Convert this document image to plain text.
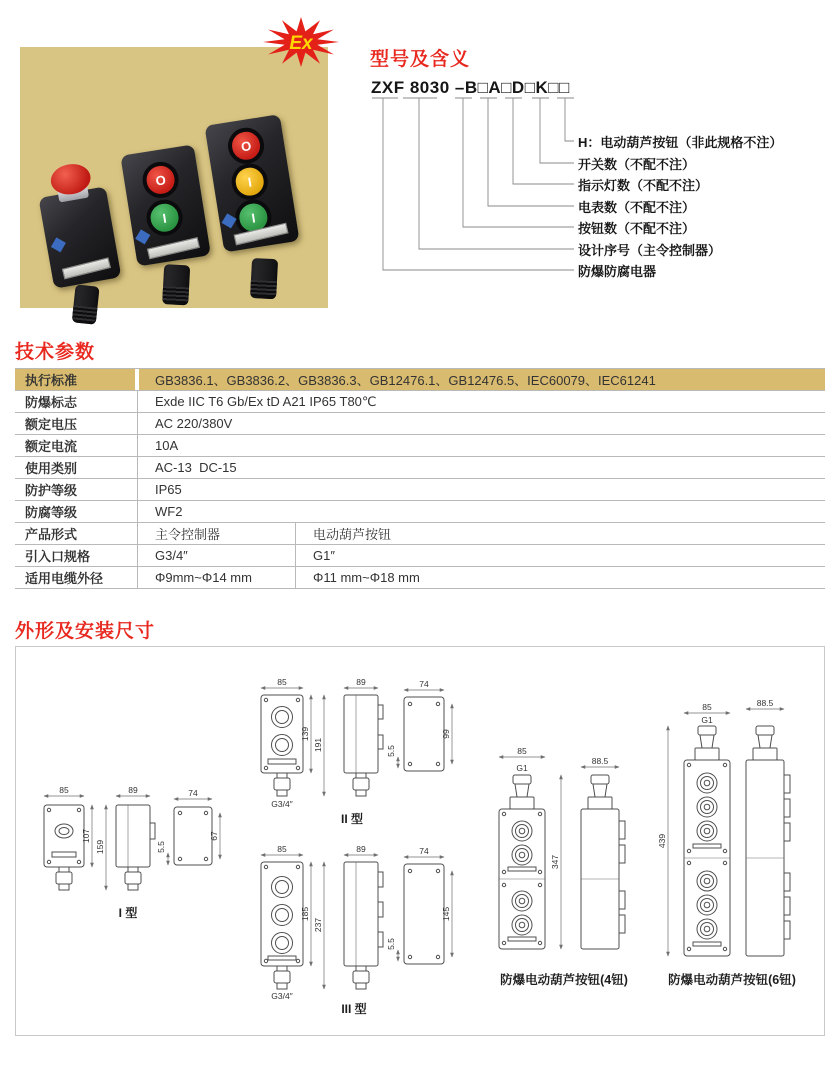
O
I
O
I
I
Ex
型号及含义
ZXF 8030 –B□A□D□K□□
H：电动葫芦按钮（非此规格不注）
开关数（不配不注）
指示灯数（不配不注）
电表数（不配不注）
按钮数（不配不注）
设计序号（主令控制器）
防爆防腐电器
技术参数
执行标准	GB3836.1、GB3836.2、GB3836.3、GB12476.1、GB12476.5、IEC60079、IEC61241
防爆标志	Exde IIC T6 Gb/Ex tD A21 IP65 T80℃
额定电压	AC 220/380V
额定电流	10A
使用类别	AC-13  DC-15
防护等级	IP65
防腐等级	WF2
产品形式	主令控制器	电动葫芦按钮
引入口规格	G3/4″	G1″
适用电缆外径	Φ9mm~Φ14 mm	Φ11 mm~Φ18 mm
外形及安装尺寸
85
107
159
89	74
67
5.5
I 型
G3/4″
85
139
191
89	74
99
5.5
II 型
G3/4″
85
185
237
89	74
145
5.5
III 型
G1
85
347
88.5
防爆电动葫芦按钮(4钮)
G1
85
439
88.5
防爆电动葫芦按钮(6钮)
